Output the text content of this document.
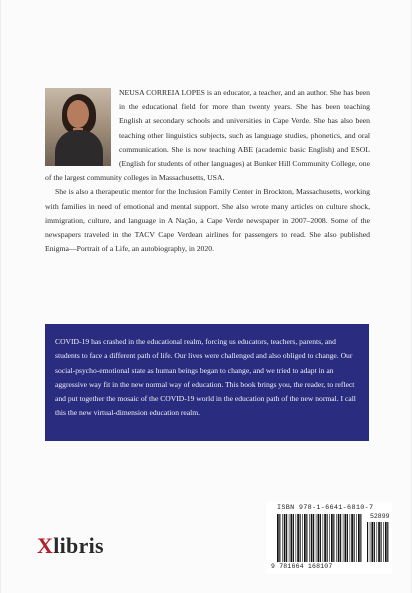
NEUSA CORREIA LOPES is an educator, a teacher, and an author. She has been in the educational field for more than twenty years. She has been teaching English at secondary schools and universities in Cape Verde. She has also been teaching other linguistics subjects, such as language studies, phonetics, and oral communication. She is now teaching ABE (academic basic English) and ESOL (English for students of other languages) at Bunker Hill Community College, one of the largest community colleges in Massachusetts, USA.

She is also a therapeutic mentor for the Inclusion Family Center in Brockton, Massachusetts, working with families in need of emotional and mental support. She also wrote many articles on culture shock, immigration, culture, and language in A Nação, a Cape Verde newspaper in 2007–2008. Some of the newspapers traveled in the TACV Cape Verdean airlines for passengers to read. She also published Enigma—Portrait of a Life, an autobiography, in 2020.

COVID-19 has crashed in the educational realm, forcing us educators, teachers, parents, and students to face a different path of life. Our lives were challenged and also obliged to change. Our social-psycho-emotional state as human beings began to change, and we tried to adapt in an aggressive way fit in the new normal way of education. This book brings you, the reader, to reflect and put together the mosaic of the COVID-19 world in the education path of the new normal. I call this the new virtual-dimension education realm.
Xlibris
ISBN 978-1-6641-6810-7
52899
9 781664 168107
